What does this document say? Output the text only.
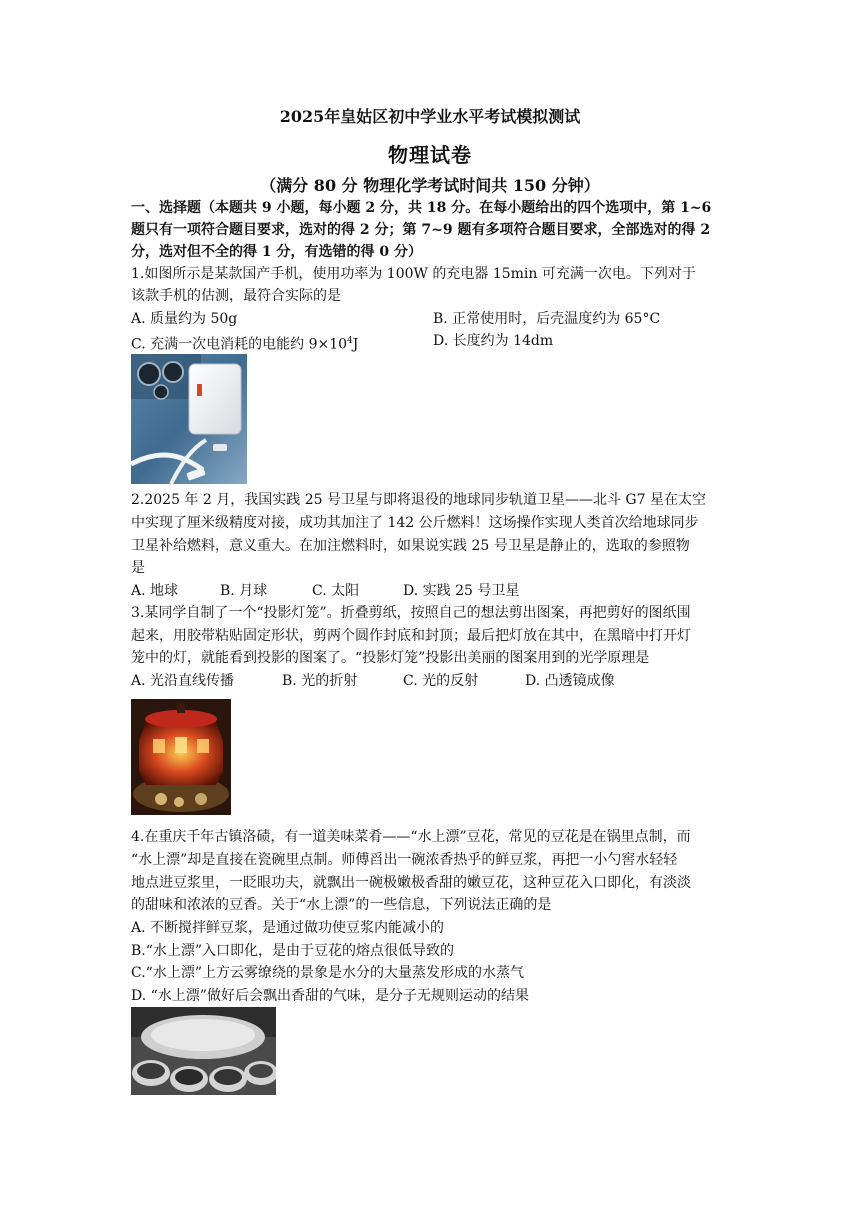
2025年皇姑区初中学业水平考试模拟测试
物理试卷
（满分 80 分 物理化学考试时间共 150 分钟）
一、选择题（本题共 9 小题，每小题 2 分，共 18 分。在每小题给出的四个选项中，第 1~6
题只有一项符合题目要求，选对的得 2 分；第 7~9 题有多项符合题目要求，全部选对的得 2
分，选对但不全的得 1 分，有选错的得 0 分）
1.如图所示是某款国产手机，使用功率为 100W 的充电器 15min 可充满一次电。下列对于
该款手机的估测，最符合实际的是
A. 质量约为 50g	B. 正常使用时，后壳温度约为 65°C
C. 充满一次电消耗的电能约 $9\times 10^4J$	D. 长度约为 14dm
2.2025 年 2 月，我国实践 25 号卫星与即将退役的地球同步轨道卫星——北斗 G7 星在太空
中实现了厘米级精度对接，成功其加注了 142 公斤燃料！这场操作实现人类首次给地球同步
卫星补给燃料，意义重大。在加注燃料时，如果说实践 25 号卫星是静止的，选取的参照物
是
A. 地球	B. 月球	C. 太阳	D. 实践 25 号卫星
3.某同学自制了一个“投影灯笼”。折叠剪纸，按照自己的想法剪出图案，再把剪好的图纸围
起来，用胶带粘贴固定形状，剪两个圆作封底和封顶；最后把灯放在其中，在黑暗中打开灯
笼中的灯，就能看到投影的图案了。“投影灯笼”投影出美丽的图案用到的光学原理是
A. 光沿直线传播	B. 光的折射	C. 光的反射	D. 凸透镜成像
4.在重庆千年古镇洛碛，有一道美味菜肴——“水上漂”豆花，常见的豆花是在锅里点制，而
“水上漂”却是直接在瓷碗里点制。师傅舀出一碗浓香热乎的鲜豆浆，再把一小勺窖水轻轻
地点进豆浆里，一眨眼功夫，就飘出一碗极嫩极香甜的嫩豆花，这种豆花入口即化，有淡淡
的甜味和浓浓的豆香。关于“水上漂”的一些信息，下列说法正确的是
A. 不断搅拌鲜豆浆，是通过做功使豆浆内能减小的
B.“水上漂”入口即化，是由于豆花的熔点很低导致的
C.“水上漂”上方云雾缭绕的景象是水分的大量蒸发形成的水蒸气
D. “水上漂”做好后会飘出香甜的气味，是分子无规则运动的结果
